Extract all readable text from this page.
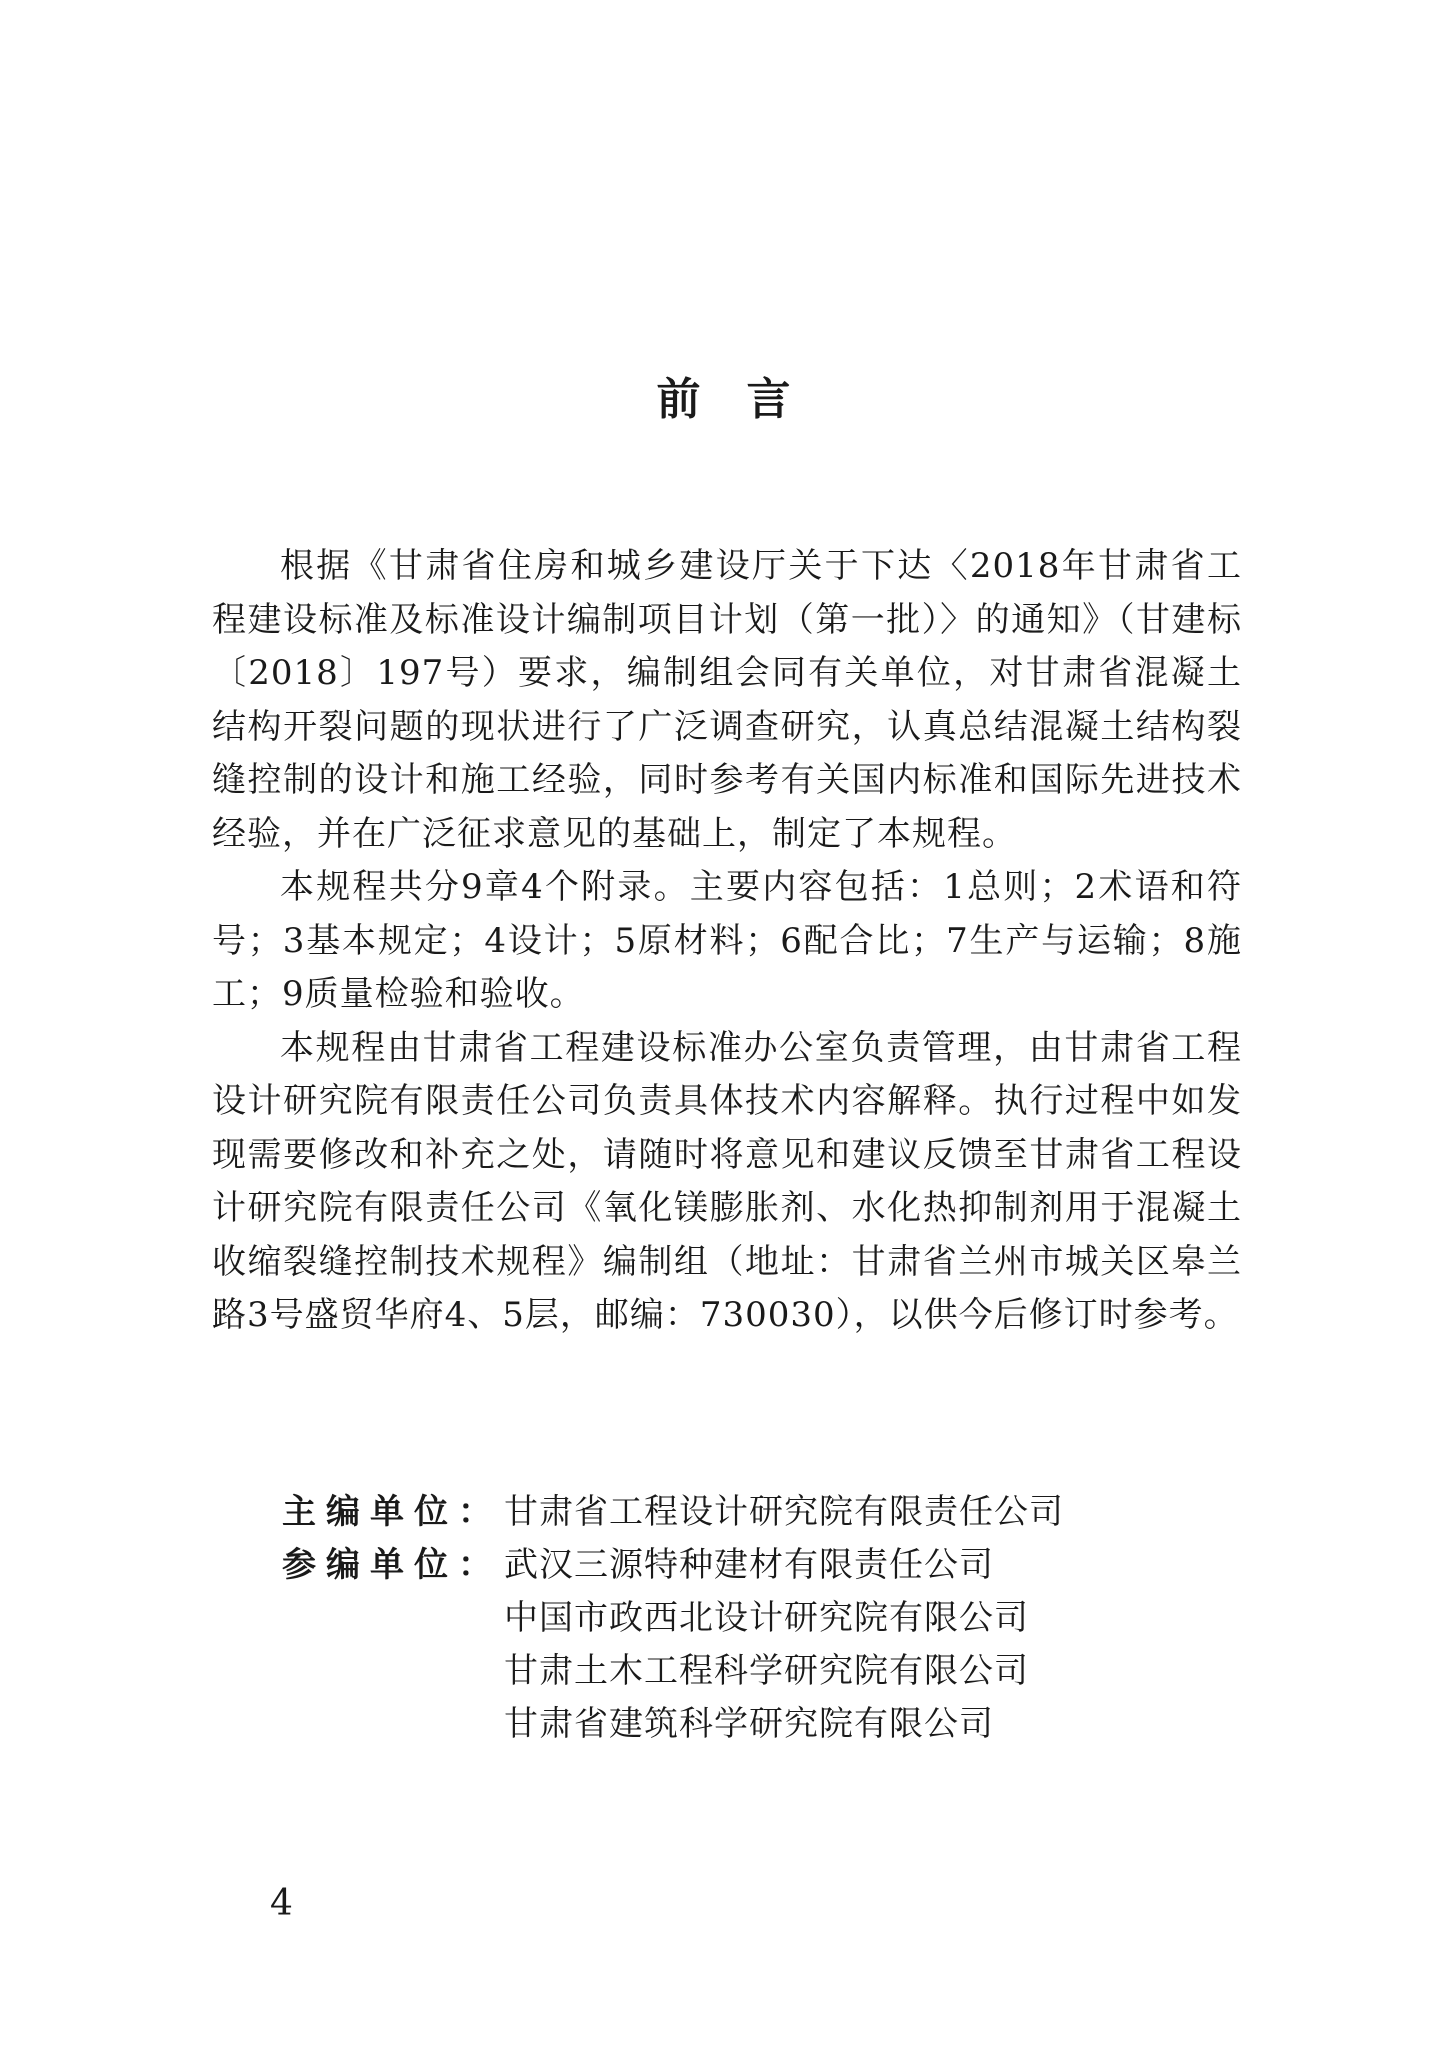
前言

根据《甘肃省住房和城乡建设厅关于下达〈2018年甘肃省工程建设标准及标准设计编制项目计划（第一批）〉的通知》（甘建标〔2018〕197号）要求，编制组会同有关单位，对甘肃省混凝土结构开裂问题的现状进行了广泛调查研究，认真总结混凝土结构裂缝控制的设计和施工经验，同时参考有关国内标准和国际先进技术经验，并在广泛征求意见的基础上，制定了本规程。

本规程共分9章4个附录。主要内容包括：1总则；2术语和符号；3基本规定；4设计；5原材料；6配合比；7生产与运输；8施工；9质量检验和验收。

本规程由甘肃省工程建设标准办公室负责管理，由甘肃省工程设计研究院有限责任公司负责具体技术内容解释。执行过程中如发现需要修改和补充之处，请随时将意见和建议反馈至甘肃省工程设计研究院有限责任公司《氧化镁膨胀剂、水化热抑制剂用于混凝土收缩裂缝控制技术规程》编制组（地址：甘肃省兰州市城关区皋兰路3号盛贸华府4、5层，邮编：730030），以供今后修订时参考。

主编单位： 甘肃省工程设计研究院有限责任公司
参编单位： 武汉三源特种建材有限责任公司
中国市政西北设计研究院有限公司
甘肃土木工程科学研究院有限公司
甘肃省建筑科学研究院有限公司
4
